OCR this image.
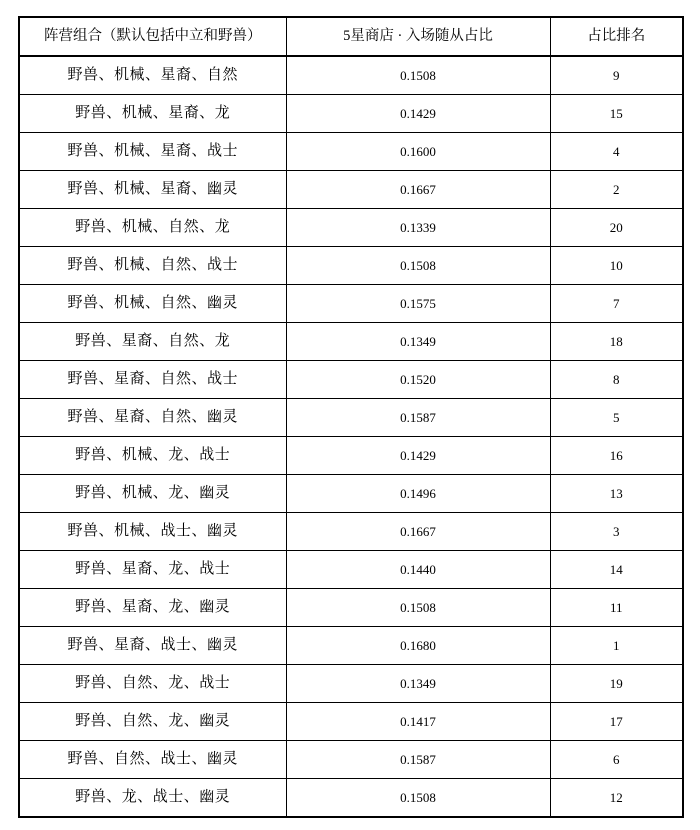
阵营组合（默认包括中立和野兽）	5星商店 · 入场随从占比	占比排名
野兽、机械、星裔、自然	0.1508	9
野兽、机械、星裔、龙	0.1429	15
野兽、机械、星裔、战士	0.1600	4
野兽、机械、星裔、幽灵	0.1667	2
野兽、机械、自然、龙	0.1339	20
野兽、机械、自然、战士	0.1508	10
野兽、机械、自然、幽灵	0.1575	7
野兽、星裔、自然、龙	0.1349	18
野兽、星裔、自然、战士	0.1520	8
野兽、星裔、自然、幽灵	0.1587	5
野兽、机械、龙、战士	0.1429	16
野兽、机械、龙、幽灵	0.1496	13
野兽、机械、战士、幽灵	0.1667	3
野兽、星裔、龙、战士	0.1440	14
野兽、星裔、龙、幽灵	0.1508	11
野兽、星裔、战士、幽灵	0.1680	1
野兽、自然、龙、战士	0.1349	19
野兽、自然、龙、幽灵	0.1417	17
野兽、自然、战士、幽灵	0.1587	6
野兽、龙、战士、幽灵	0.1508	12
